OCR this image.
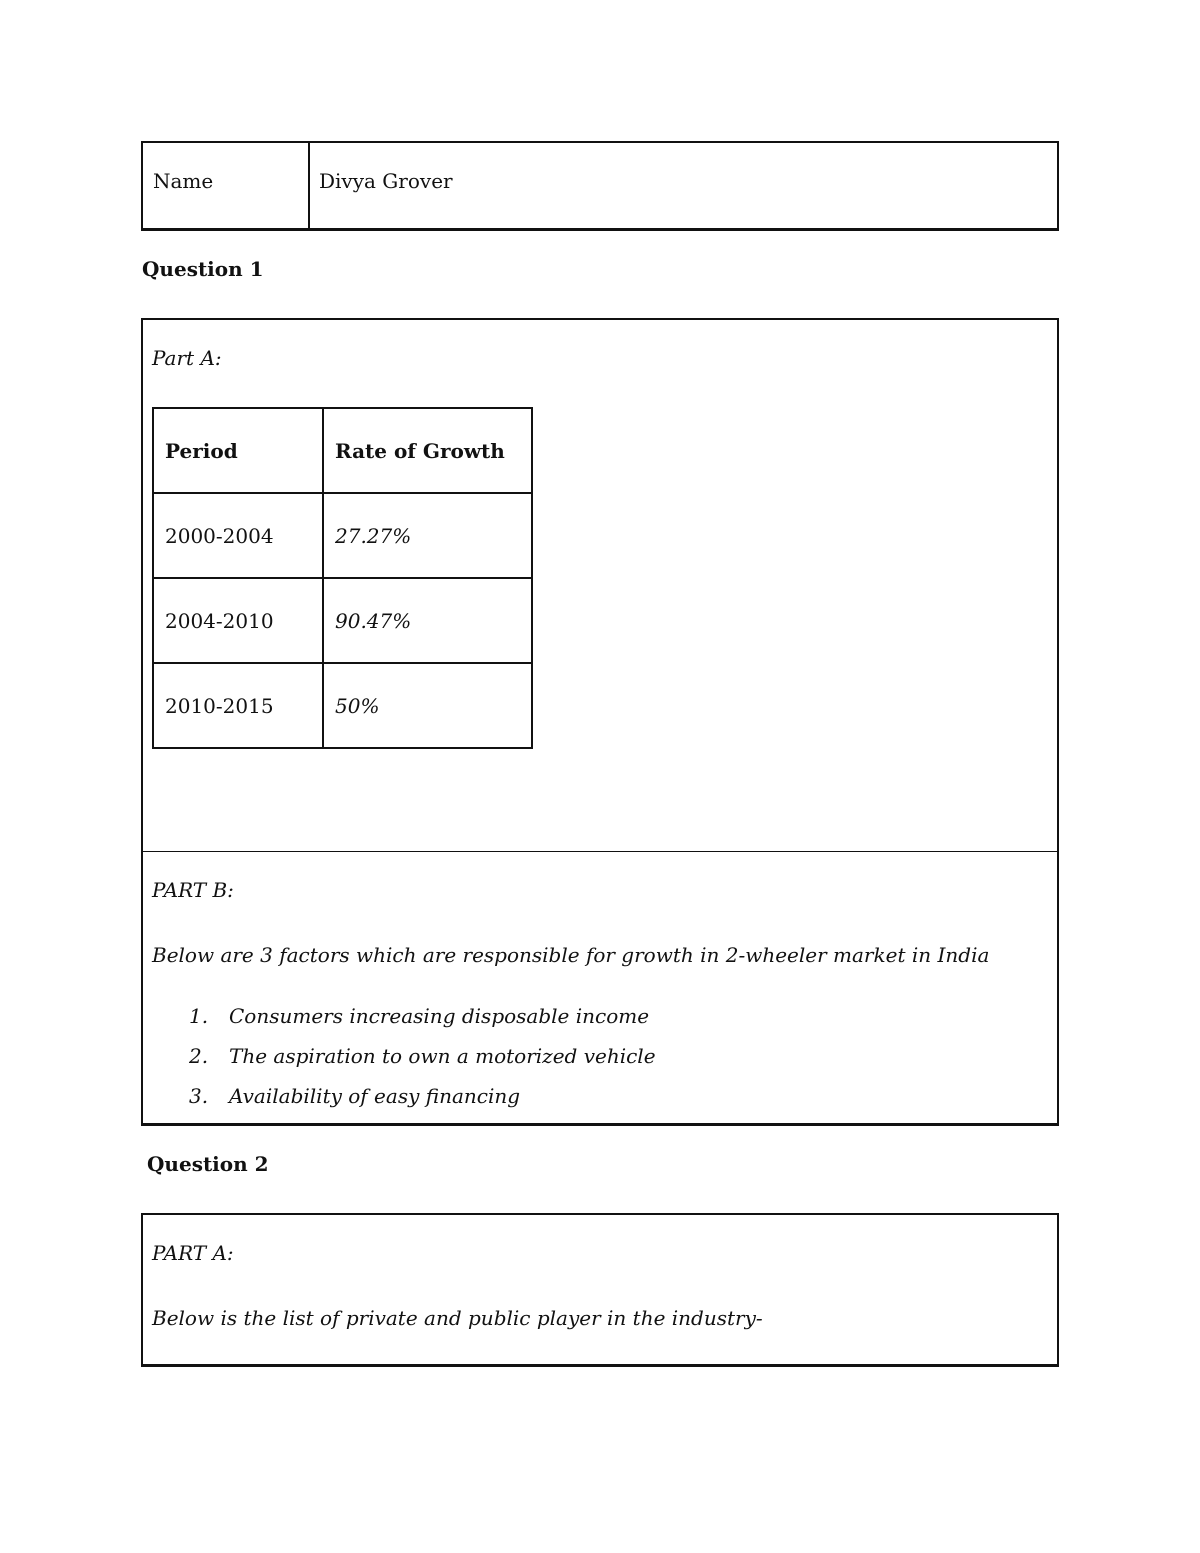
Name	Divya Grover
Question 1
Part A:
Period	Rate of Growth
2000-2004	27.27%
2004-2010	90.47%
2010-2015	50%
PART B:
Below are 3 factors which are responsible for growth in 2-wheeler market in India
1. Consumers increasing disposable income
2. The aspiration to own a motorized vehicle
3. Availability of easy financing
Question 2
PART A:
Below is the list of private and public player in the industry-
